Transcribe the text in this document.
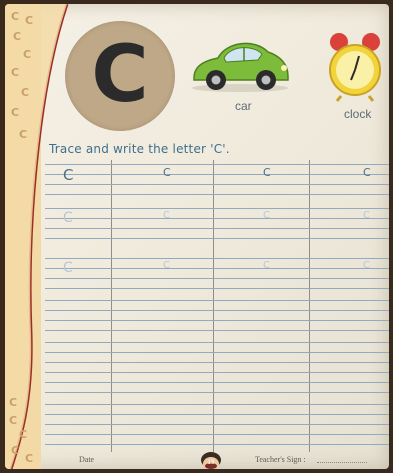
C C
C
C
C
C
C
C
C
C
C
C
C
C	car
clock
Trace and write the letter 'C'.
C	C	C	C
C	C	C	C
C	C	C	C
Date	13	Teacher's Sign :
